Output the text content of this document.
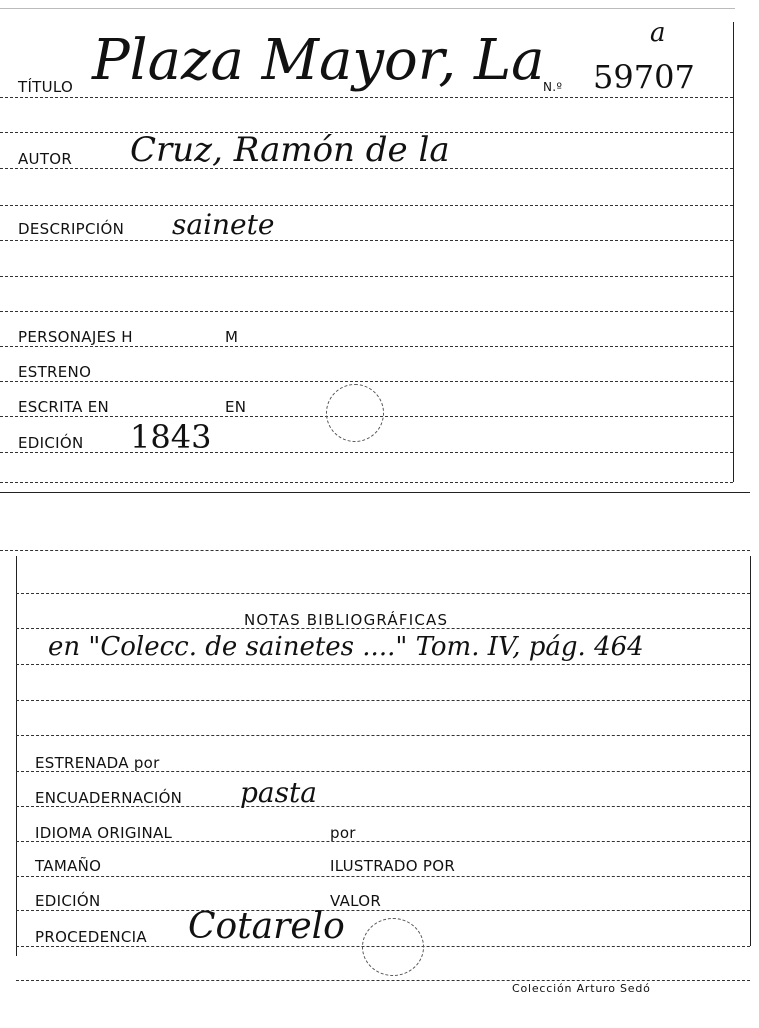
TÍTULO Plaza Mayor, La
N.º 59707
a
AUTOR Cruz, Ramón de la
DESCRIPCIÓN sainete
PERSONAJES H	M
ESTRENO
ESCRITA EN	EN
EDICIÓN 1843
NOTAS BIBLIOGRÁFICAS
en "Colecc. de sainetes ...." Tom. IV, pág. 464
ESTRENADA por
ENCUADERNACIÓN pasta
IDIOMA ORIGINAL	por
TAMAÑO	ILUSTRADO POR
EDICIÓN	VALOR
PROCEDENCIA Cotarelo
Colección Arturo Sedó
